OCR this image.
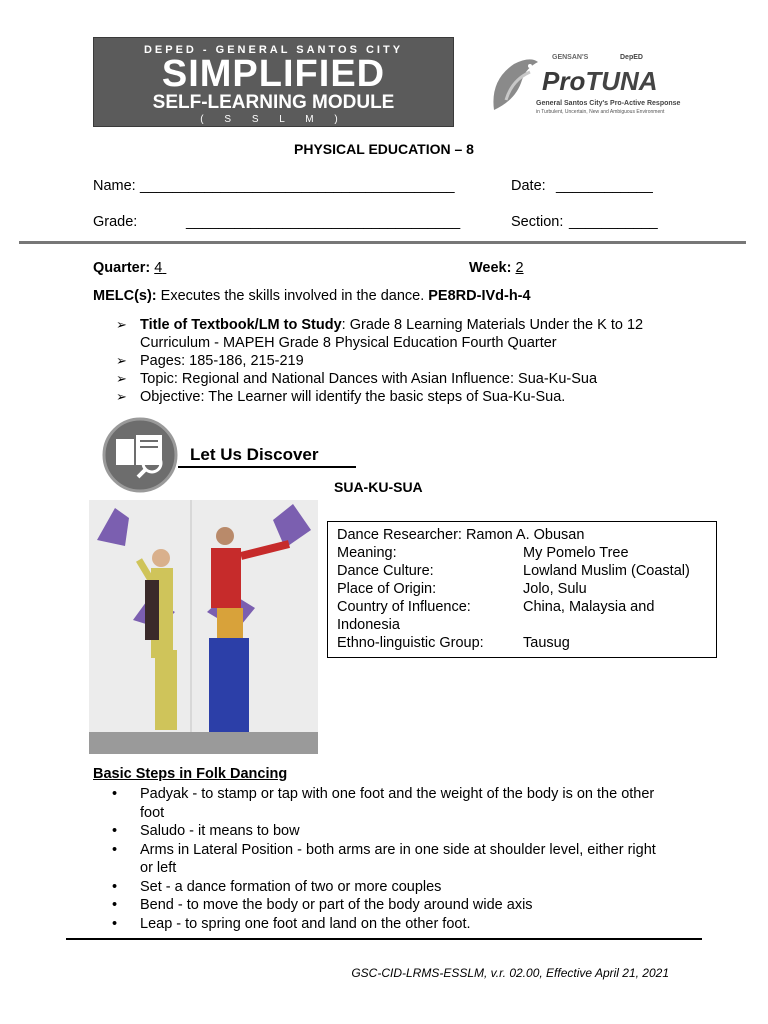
DEPED - GENERAL SANTOS CITY
SIMPLIFIED
SELF-LEARNING MODULE
( S S L M )
GENSAN'S	DepED
ProTUNA
General Santos City's Pro-Active Response
in Turbulent, Uncertain, New and Ambiguous Environment
PHYSICAL EDUCATION – 8
Name: _______________________________________	Date: ____________
Grade:	__________________________________	Section: ___________
Quarter: 4	Week: 2
MELC(s): Executes the skills involved in the dance. PE8RD-IVd-h-4
➢ Title of Textbook/LM to Study: Grade 8 Learning Materials Under the K to 12 Curriculum - MAPEH Grade 8 Physical Education Fourth Quarter
➢ Pages: 185-186, 215-219
➢ Topic: Regional and National Dances with Asian Influence: Sua-Ku-Sua
➢ Objective: The Learner will identify the basic steps of Sua-Ku-Sua.
Let Us Discover
SUA-KU-SUA
Dance Researcher: Ramon A. Obusan
Meaning:	My Pomelo Tree
Dance Culture:	Lowland Muslim (Coastal)
Place of Origin:	Jolo, Sulu
Country of Influence:	China, Malaysia and
Indonesia
Ethno-linguistic Group:	Tausug
Basic Steps in Folk Dancing
• Padyak - to stamp or tap with one foot and the weight of the body is on the other foot
• Saludo - it means to bow
• Arms in Lateral Position - both arms are in one side at shoulder level, either right or left
• Set - a dance formation of two or more couples
• Bend - to move the body or part of the body around wide axis
• Leap - to spring one foot and land on the other foot.
GSC-CID-LRMS-ESSLM, v.r. 02.00, Effective April 21, 2021
